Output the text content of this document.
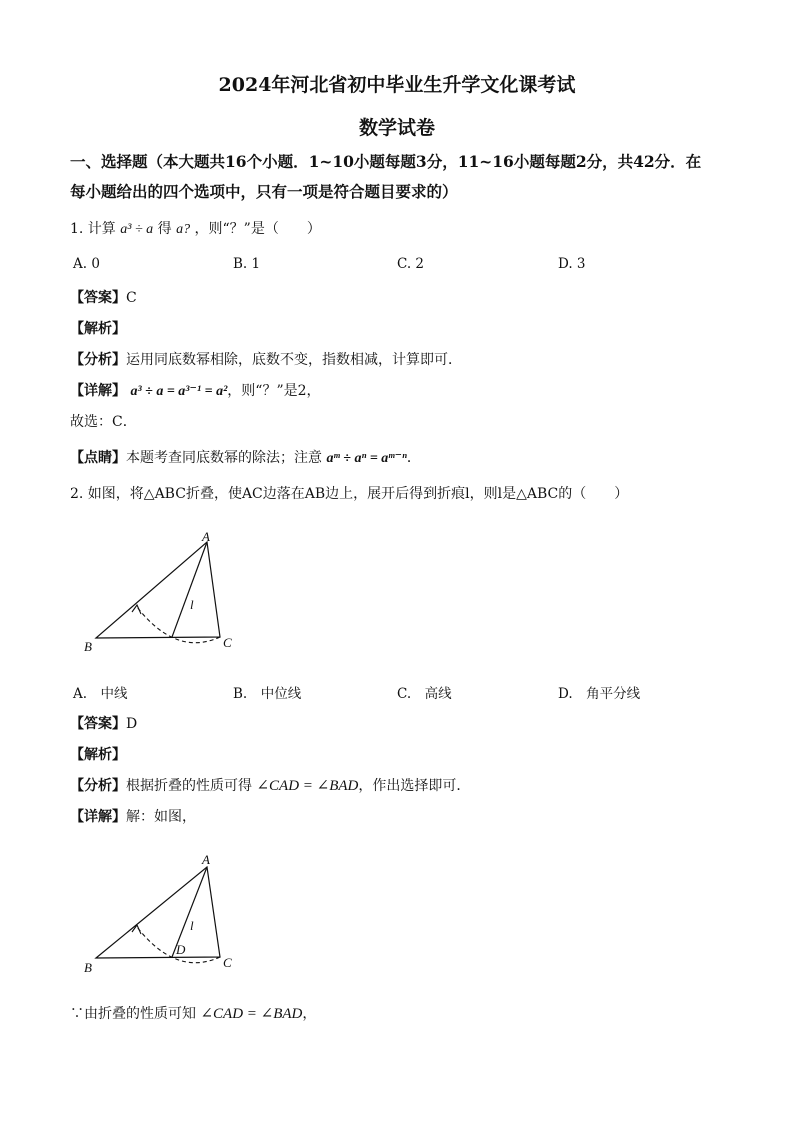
2024年河北省初中毕业生升学文化课考试
数学试卷
一、选择题（本大题共16个小题．1~10小题每题3分，11~16小题每题2分，共42分．在
每小题给出的四个选项中，只有一项是符合题目要求的）
1. 计算 a³ ÷ a 得 a? ，则“？”是（　　）
A. 0	B. 1	C. 2	D. 3
【答案】C
【解析】
【分析】运用同底数幂相除，底数不变，指数相减，计算即可．
【详解】 a³ ÷ a = a³⁻¹ = a²，则“？”是2，
故选：C．
【点睛】本题考查同底数幂的除法；注意 aᵐ ÷ aⁿ = aᵐ⁻ⁿ．
2. 如图，将△ABC折叠，使AC边落在AB边上，展开后得到折痕l，则l是△ABC的（　　）
A
B	C
l
A.　中线	B.　中位线	C.　高线	D.　角平分线
【答案】D
【解析】
【分析】根据折叠的性质可得 ∠CAD = ∠BAD，作出选择即可．
【详解】解：如图，
A
B	C
D
l
∵由折叠的性质可知 ∠CAD = ∠BAD，
